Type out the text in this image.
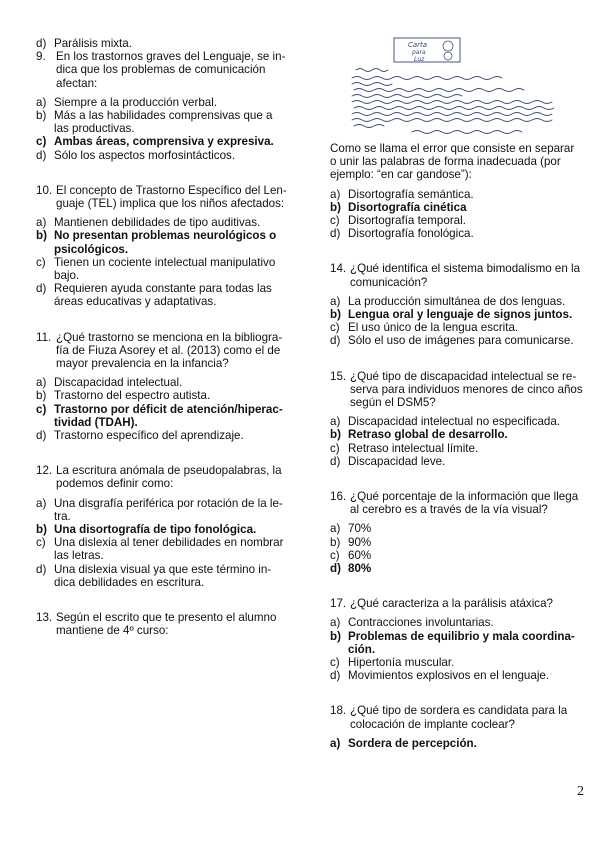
d) Parálisis mixta.
9. En los trastornos graves del Lenguaje, se in-
dica que los problemas de comunicación
afectan:
a) Siempre a la producción verbal.
b) Más a las habilidades comprensivas que a
las productivas.
c) Ambas áreas, comprensiva y expresiva.
d) Sólo los aspectos morfosintácticos.
10. El concepto de Trastorno Específico del Len-
guaje (TEL) implica que los niños afectados:
a) Mantienen debilidades de tipo auditivas.
b) No presentan problemas neurológicos o
psicológicos.
c) Tienen un cociente intelectual manipulativo
bajo.
d) Requieren ayuda constante para todas las
áreas educativas y adaptativas.
11. ¿Qué trastorno se menciona en la bibliogra-
fía de Fiuza Asorey et al. (2013) como el de
mayor prevalencia en la infancia?
a) Discapacidad intelectual.
b) Trastorno del espectro autista.
c) Trastorno por déficit de atención/hiperac-
tividad (TDAH).
d) Trastorno específico del aprendizaje.
12. La escritura anómala de pseudopalabras, la
podemos definir como:
a) Una disgrafía periférica por rotación de la le-
tra.
b) Una disortografía de tipo fonológica.
c) Una dislexia al tener debilidades en nombrar
las letras.
d) Una dislexia visual ya que este término in-
dica debilidades en escritura.
13. Según el escrito que te presento el alumno
mantiene de 4º curso:
Como se llama el error que consiste en separar
o unir las palabras de forma inadecuada (por
ejemplo: “en car gandose”):
a) Disortografía semántica.
b) Disortografía cinética
c) Disortografía temporal.
d) Disortografía fonológica.
14. ¿Qué identifica el sistema bimodalismo en la
comunicación?
a) La producción simultánea de dos lenguas.
b) Lengua oral y lenguaje de signos juntos.
c) El uso único de la lengua escrita.
d) Sólo el uso de imágenes para comunicarse.
15. ¿Qué tipo de discapacidad intelectual se re-
serva para individuos menores de cinco años
según el DSM5?
a) Discapacidad intelectual no especificada.
b) Retraso global de desarrollo.
c) Retraso intelectual límite.
d) Discapacidad leve.
16. ¿Qué porcentaje de la información que llega
al cerebro es a través de la vía visual?
a) 70%
b) 90%
c) 60%
d) 80%
17. ¿Qué caracteriza a la parálisis atáxica?
a) Contracciones involuntarias.
b) Problemas de equilibrio y mala coordina-
ción.
c) Hipertonía muscular.
d) Movimientos explosivos en el lenguaje.
18. ¿Qué tipo de sordera es candidata para la
colocación de implante coclear?
a) Sordera de percepción.
Carta
para
Luz
2
